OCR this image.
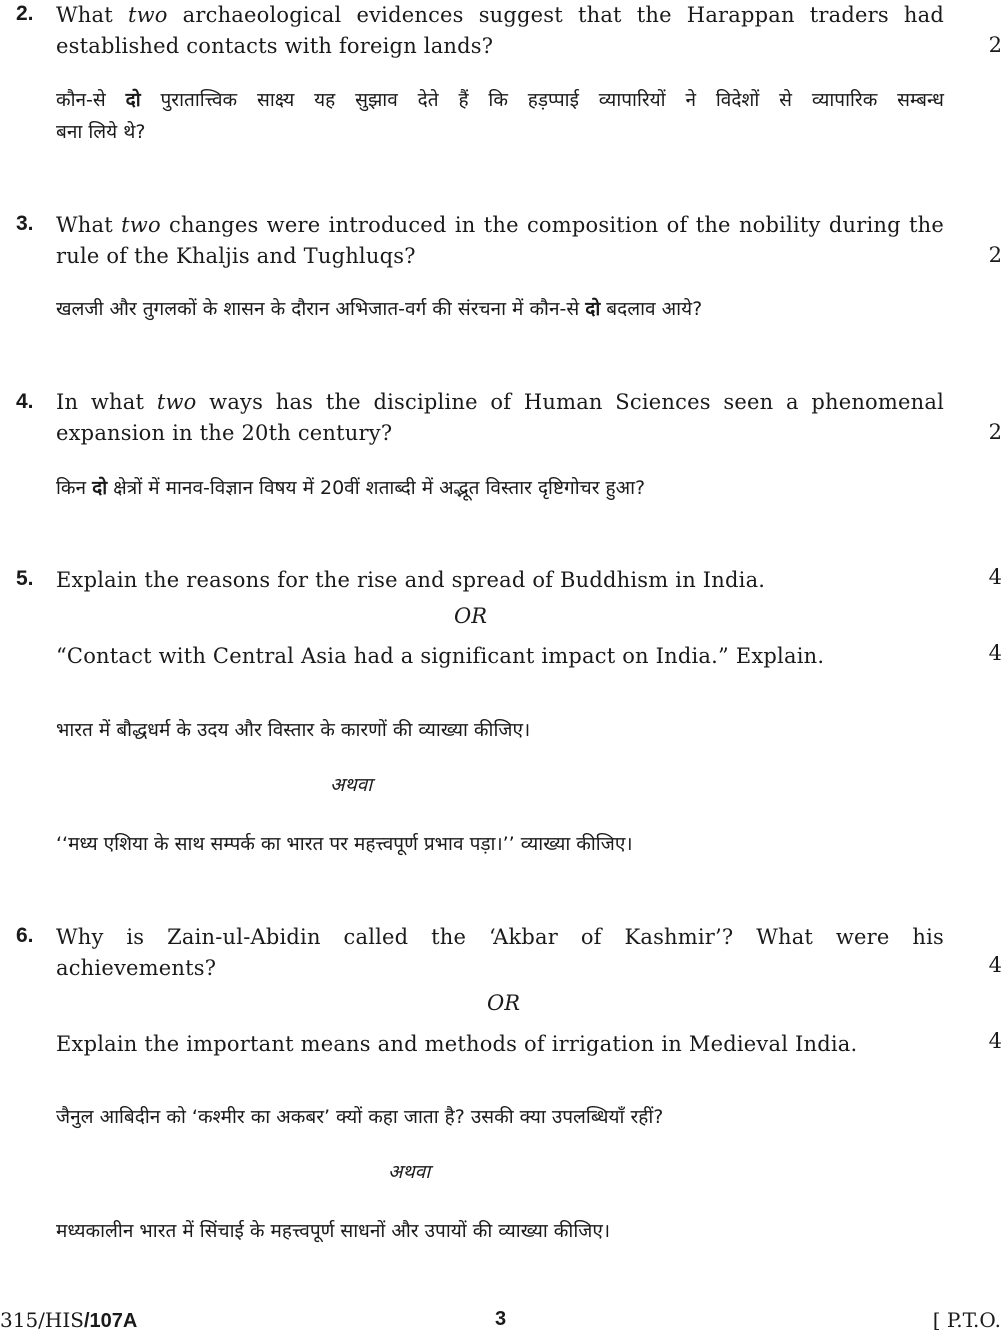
2. What two archaeological evidences suggest that the Harappan traders had established contacts with foreign lands?	2
कौन-से दो पुरातात्त्विक साक्ष्य यह सुझाव देते हैं कि हड़प्पाई व्यापारियों ने विदेशों से व्यापारिक सम्बन्ध
बना लिये थे?
3. What two changes were introduced in the composition of the nobility during the rule of the Khaljis and Tughluqs?	2
खलजी और तुगलकों के शासन के दौरान अभिजात-वर्ग की संरचना में कौन-से दो बदलाव आये?
4. In what two ways has the discipline of Human Sciences seen a phenomenal expansion in the 20th century?	2
किन दो क्षेत्रों में मानव-विज्ञान विषय में 20वीं शताब्दी में अद्भूत विस्तार दृष्टिगोचर हुआ?
5. Explain the reasons for the rise and spread of Buddhism in India.	4
OR
“Contact with Central Asia had a significant impact on India.” Explain.	4
भारत में बौद्धधर्म के उदय और विस्तार के कारणों की व्याख्या कीजिए।
अथवा
‘‘मध्य एशिया के साथ सम्पर्क का भारत पर महत्त्वपूर्ण प्रभाव पड़ा।’’ व्याख्या कीजिए।
6. Why is Zain-ul-Abidin called the ‘Akbar of Kashmir’? What were his achievements?	4
OR
Explain the important means and methods of irrigation in Medieval India.	4
जैनुल आबिदीन को ‘कश्मीर का अकबर’ क्यों कहा जाता है? उसकी क्या उपलब्धियाँ रहीं?
अथवा
मध्यकालीन भारत में सिंचाई के महत्त्वपूर्ण साधनों और उपायों की व्याख्या कीजिए।
315/HIS/107A	3	[ P.T.O.
